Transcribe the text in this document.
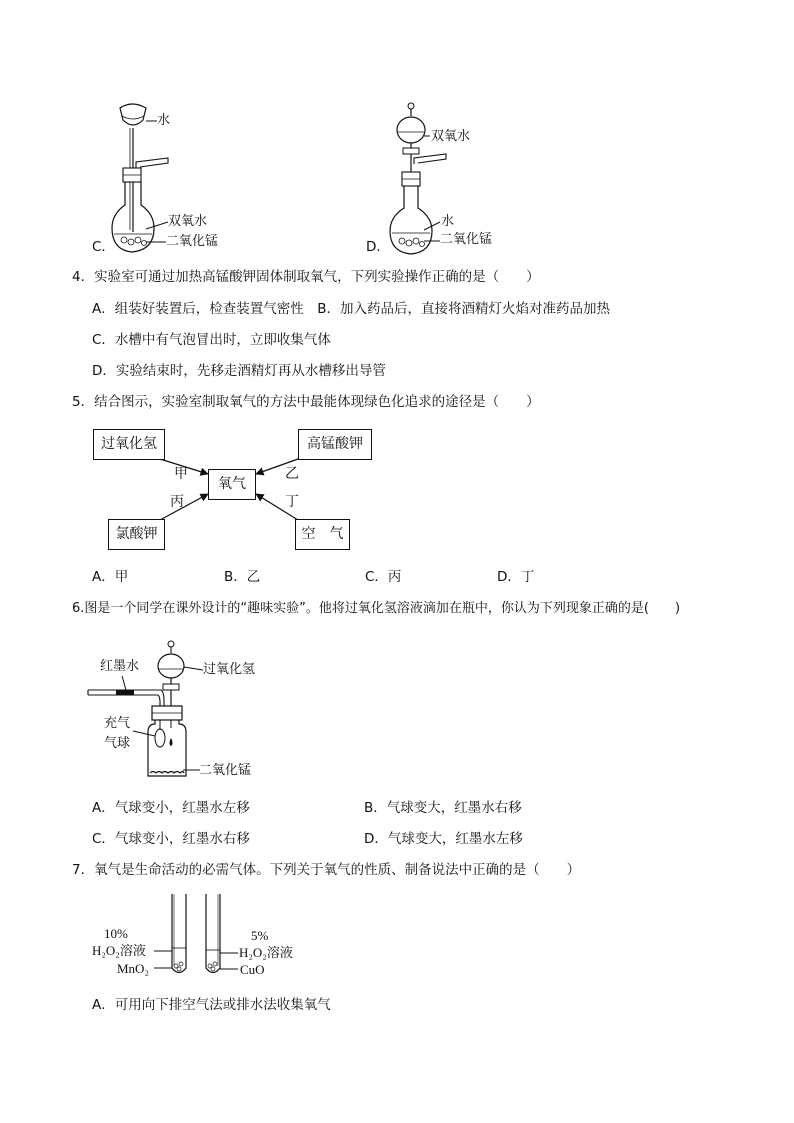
水
双氧水
二氧化锰
C．
双氧水
水
二氧化锰
D．
4．实验室可通过加热高锰酸钾固体制取氧气，下列实验操作正确的是（　　）
A．组装好装置后，检查装置气密性　B．加入药品后，直接将酒精灯火焰对准药品加热
C．水槽中有气泡冒出时，立即收集气体
D．实验结束时，先移走酒精灯再从水槽移出导管
5．结合图示，实验室制取氧气的方法中最能体现绿色化追求的途径是（　　）
过氧化氢	高锰酸钾
氧气
氯酸钾	空　气
甲	乙
丙	丁
A．甲	B．乙	C．丙	D．丁
6.图是一个同学在课外设计的“趣味实验”。他将过氧化氢溶液滴加在瓶中，你认为下列现象正确的是(　　)
红墨水	过氧化氢
充气
气球
二氧化锰
A．气球变小，红墨水左移	B．气球变大，红墨水右移
C．气球变小，红墨水右移	D．气球变大，红墨水左移
7．氧气是生命活动的必需气体。下列关于氧气的性质、制备说法中正确的是（　　）
10%
H₂O₂溶液
MnO₂
5%
H₂O₂溶液
CuO
A．可用向下排空气法或排水法收集氧气
